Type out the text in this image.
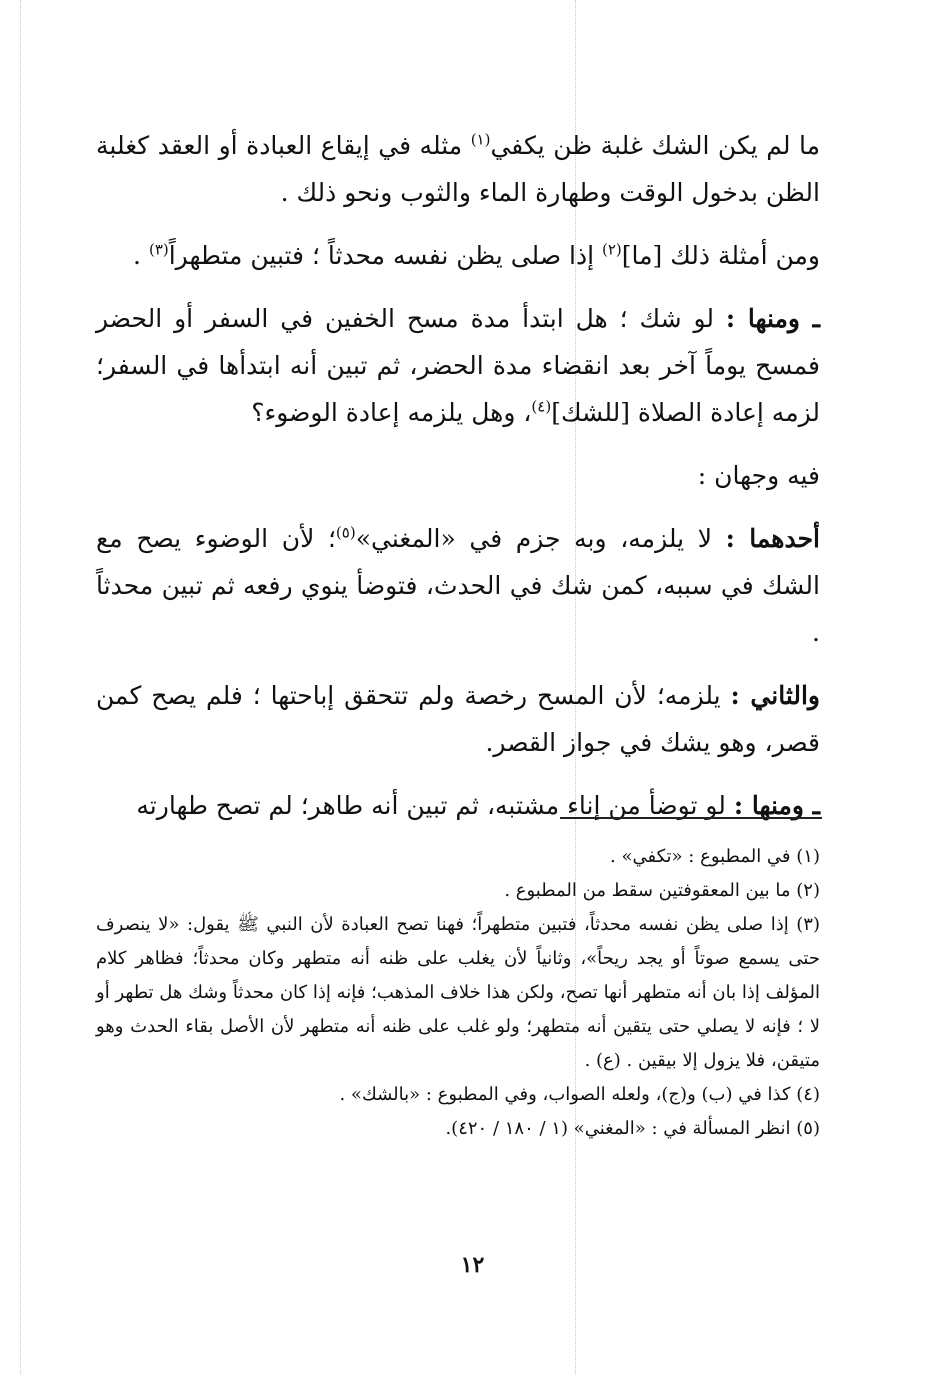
ما لم يكن الشك غلبة ظن يكفي$^{(١)}$ مثله في إيقاع العبادة أو العقد كغلبة الظن بدخول الوقت وطهارة الماء والثوب ونحو ذلك .

ومن أمثلة ذلك [ما]$^{(٢)}$ إذا صلى يظن نفسه محدثاً ؛ فتبين متطهراً$^{(٣)}$ .

ـ ومنها : لو شك ؛ هل ابتدأ مدة مسح الخفين في السفر أو الحضر فمسح يوماً آخر بعد انقضاء مدة الحضر، ثم تبين أنه ابتدأها في السفر؛ لزمه إعادة الصلاة [للشك]$^{(٤)}$، وهل يلزمه إعادة الوضوء؟

فيه وجهان :

أحدهما : لا يلزمه، وبه جزم في «المغني»$^{(٥)}$؛ لأن الوضوء يصح مع الشك في سببه، كمن شك في الحدث، فتوضأ ينوي رفعه ثم تبين محدثاً .

والثاني : يلزمه؛ لأن المسح رخصة ولم تتحقق إباحتها ؛ فلم يصح كمن قصر، وهو يشك في جواز القصر.

ـ ومنها : لو توضأ من إناء مشتبه، ثم تبين أنه طاهر؛ لم تصح طهارته

(١) في المطبوع : «تكفي» .

(٢) ما بين المعقوفتين سقط من المطبوع .

(٣) إذا صلى يظن نفسه محدثاً، فتبين متطهراً؛ فهنا تصح العبادة لأن النبي ﷺ يقول: «لا ينصرف حتى يسمع صوتاً أو يجد ريحاً»، وثانياً لأن يغلب على ظنه أنه متطهر وكان محدثاً؛ فظاهر كلام المؤلف إذا بان أنه متطهر أنها تصح، ولكن هذا خلاف المذهب؛ فإنه إذا كان محدثاً وشك هل تطهر أو لا ؛ فإنه لا يصلي حتى يتقين أنه متطهر؛ ولو غلب على ظنه أنه متطهر لأن الأصل بقاء الحدث وهو متيقن، فلا يزول إلا بيقين . (ع) .

(٤) كذا في (ب) و(ج)، ولعله الصواب، وفي المطبوع : «بالشك» .

(٥) انظر المسألة في : «المغني» (١ / ١٨٠ / ٤٢٠).

١٢
